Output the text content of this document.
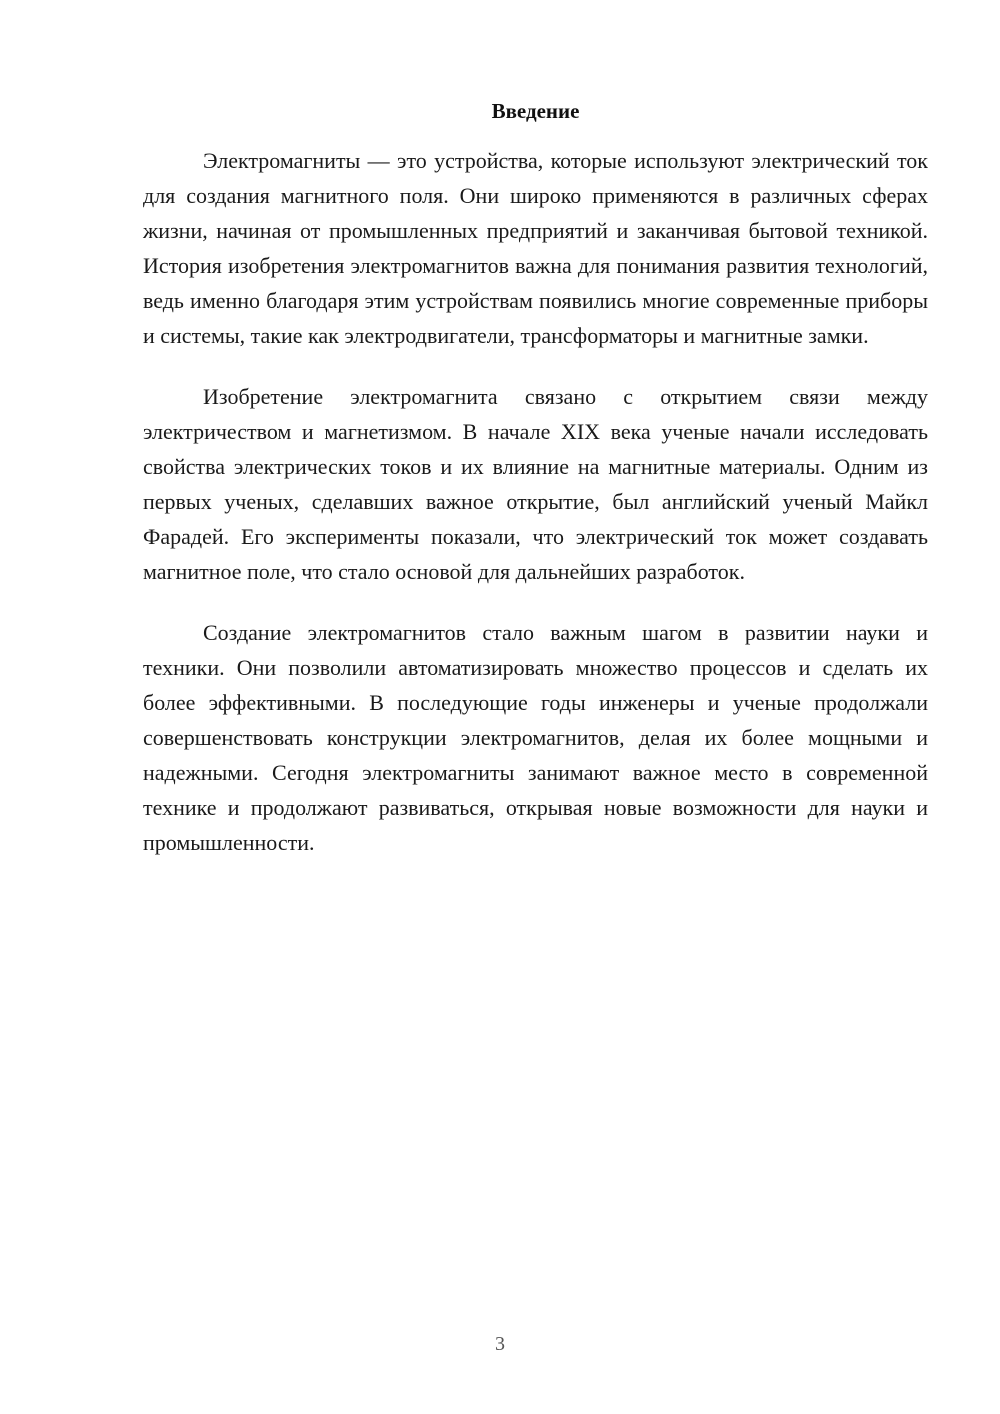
Введение

Электромагниты — это устройства, которые используют электрический ток для создания магнитного поля. Они широко применяются в различных сферах жизни, начиная от промышленных предприятий и заканчивая бытовой техникой. История изобретения электромагнитов важна для понимания развития технологий, ведь именно благодаря этим устройствам появились многие современные приборы и системы, такие как электродвигатели, трансформаторы и магнитные замки.

Изобретение электромагнита связано с открытием связи между электричеством и магнетизмом. В начале XIX века ученые начали исследовать свойства электрических токов и их влияние на магнитные материалы. Одним из первых ученых, сделавших важное открытие, был английский ученый Майкл Фарадей. Его эксперименты показали, что электрический ток может создавать магнитное поле, что стало основой для дальнейших разработок.

Создание электромагнитов стало важным шагом в развитии науки и техники. Они позволили автоматизировать множество процессов и сделать их более эффективными. В последующие годы инженеры и ученые продолжали совершенствовать конструкции электромагнитов, делая их более мощными и надежными. Сегодня электромагниты занимают важное место в современной технике и продолжают развиваться, открывая новые возможности для науки и промышленности.

3
